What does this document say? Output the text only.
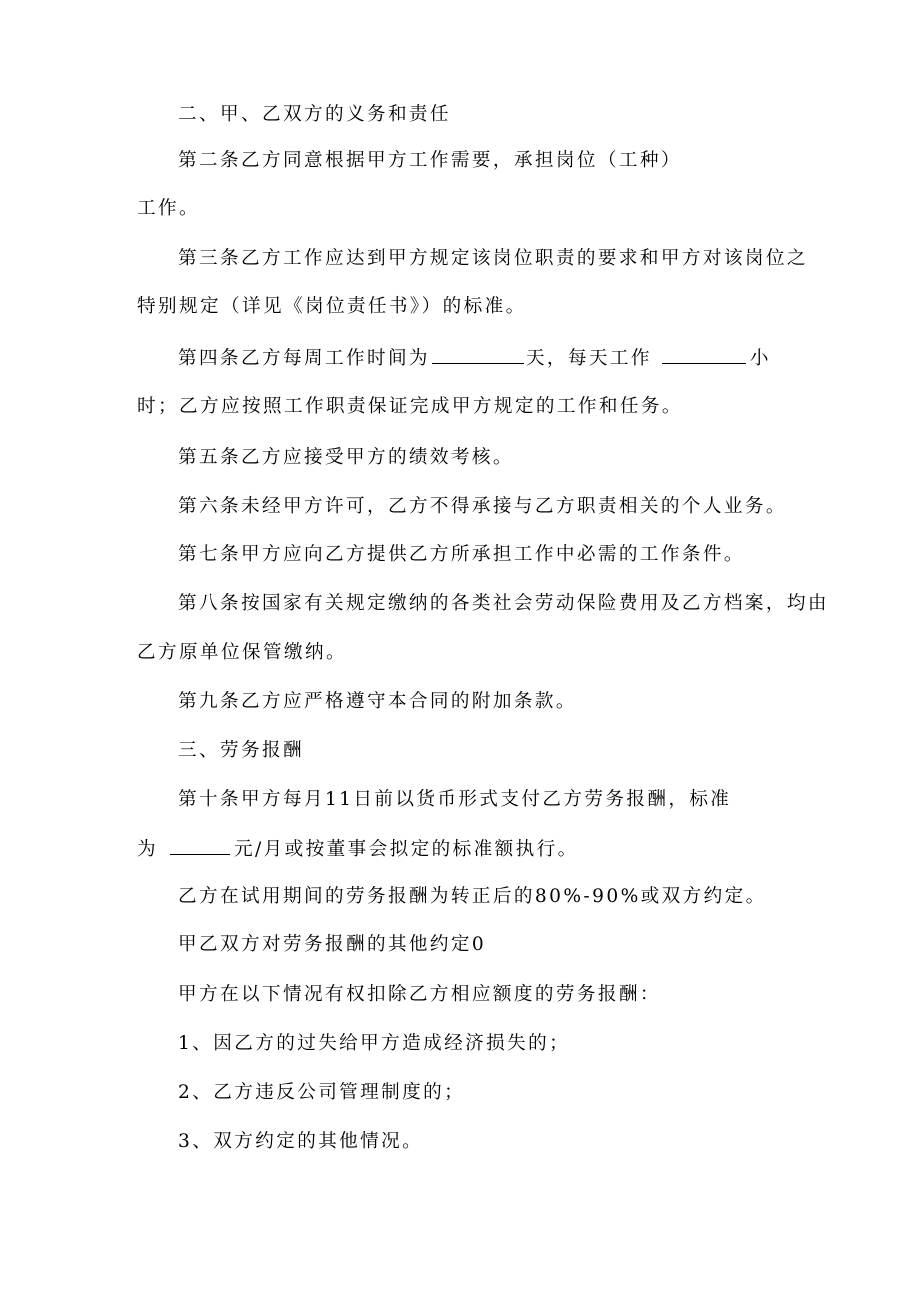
二、甲、乙双方的义务和责任
第二条乙方同意根据甲方工作需要，承担岗位（工种）
工作。
第三条乙方工作应达到甲方规定该岗位职责的要求和甲方对该岗位之
特别规定（详见《岗位责任书》）的标准。
第四条乙方每周工作时间为	天，每天工作	小
时；乙方应按照工作职责保证完成甲方规定的工作和任务。
第五条乙方应接受甲方的绩效考核。
第六条未经甲方许可，乙方不得承接与乙方职责相关的个人业务。
第七条甲方应向乙方提供乙方所承担工作中必需的工作条件。
第八条按国家有关规定缴纳的各类社会劳动保险费用及乙方档案，均由
乙方原单位保管缴纳。
第九条乙方应严格遵守本合同的附加条款。
三、劳务报酬
第十条甲方每月11日前以货币形式支付乙方劳务报酬，标准
为	元/月或按董事会拟定的标准额执行。
乙方在试用期间的劳务报酬为转正后的80%-90%或双方约定。
甲乙双方对劳务报酬的其他约定0
甲方在以下情况有权扣除乙方相应额度的劳务报酬：
1、因乙方的过失给甲方造成经济损失的；
2、乙方违反公司管理制度的；
3、双方约定的其他情况。
